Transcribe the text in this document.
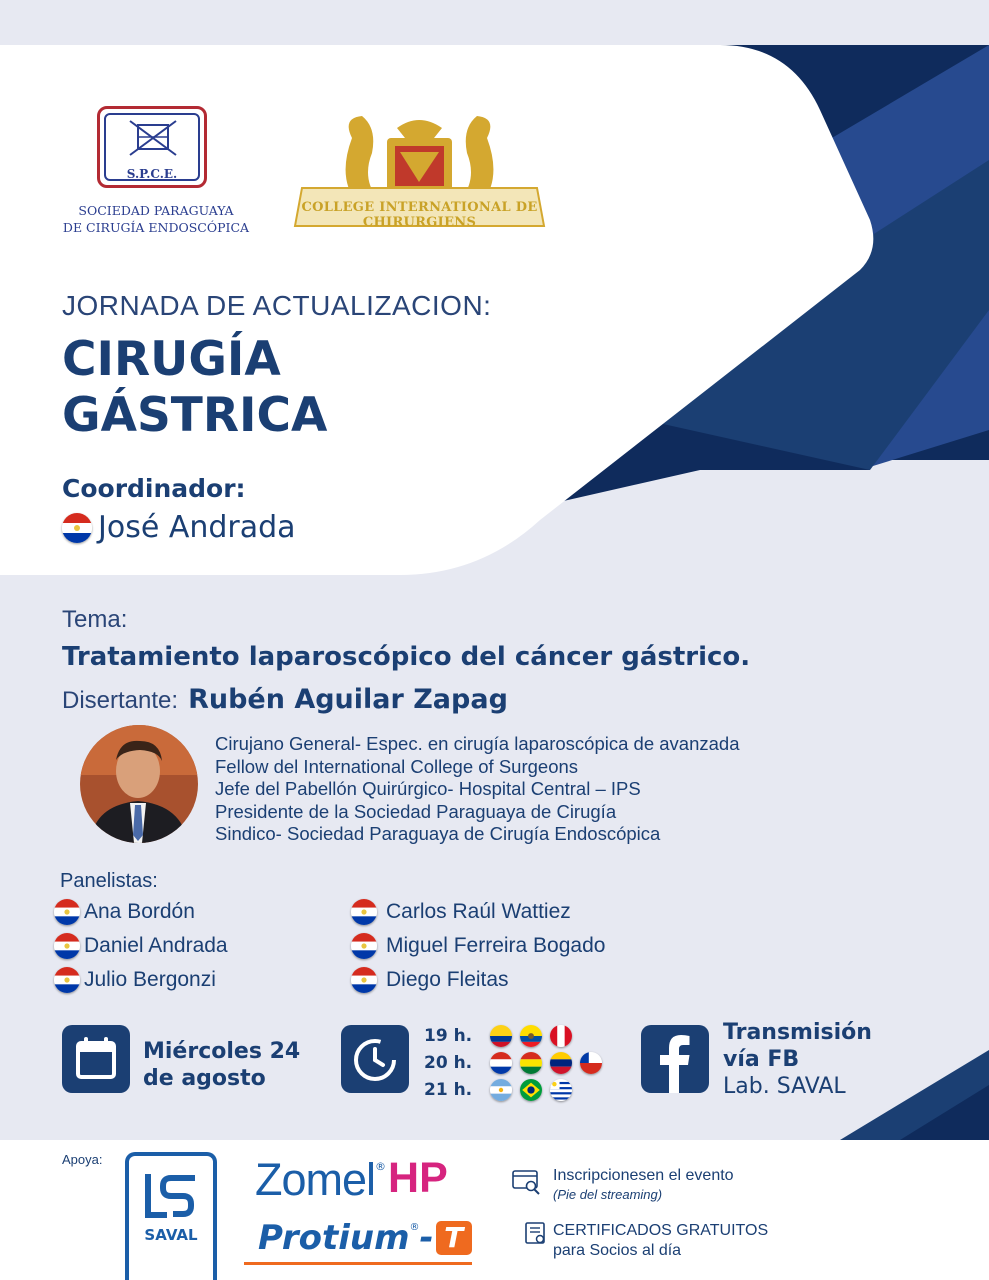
S.P.C.E.
SOCIEDAD PARAGUAYA
DE CIRUGÍA ENDOSCÓPICA
COLLEGE INTERNATIONAL DE CHIRURGIENS
JORNADA DE ACTUALIZACION:
CIRUGÍA
GÁSTRICA
Coordinador:
José Andrada
Tema:
Tratamiento laparoscópico del cáncer gástrico.
Disertante: Rubén Aguilar Zapag
Cirujano General- Espec. en cirugía laparoscópica de avanzada
Fellow del International College of Surgeons
Jefe del Pabellón Quirúrgico- Hospital Central – IPS
Presidente de la Sociedad Paraguaya de Cirugía
Sindico- Sociedad Paraguaya de Cirugía Endoscópica
Panelistas:
Ana Bordón
Daniel Andrada
Julio Bergonzi
Carlos Raúl Wattiez
Miguel Ferreira Bogado
Diego Fleitas
Miércoles 24
de agosto
19 h.
20 h.
21 h.
Transmisión
vía FB
Lab. SAVAL
Apoya:
SAVAL
Zomel ® HP
Protium ® - T
Inscripcionesen el evento
(Pie del streaming)
CERTIFICADOS GRATUITOS
para Socios al día
